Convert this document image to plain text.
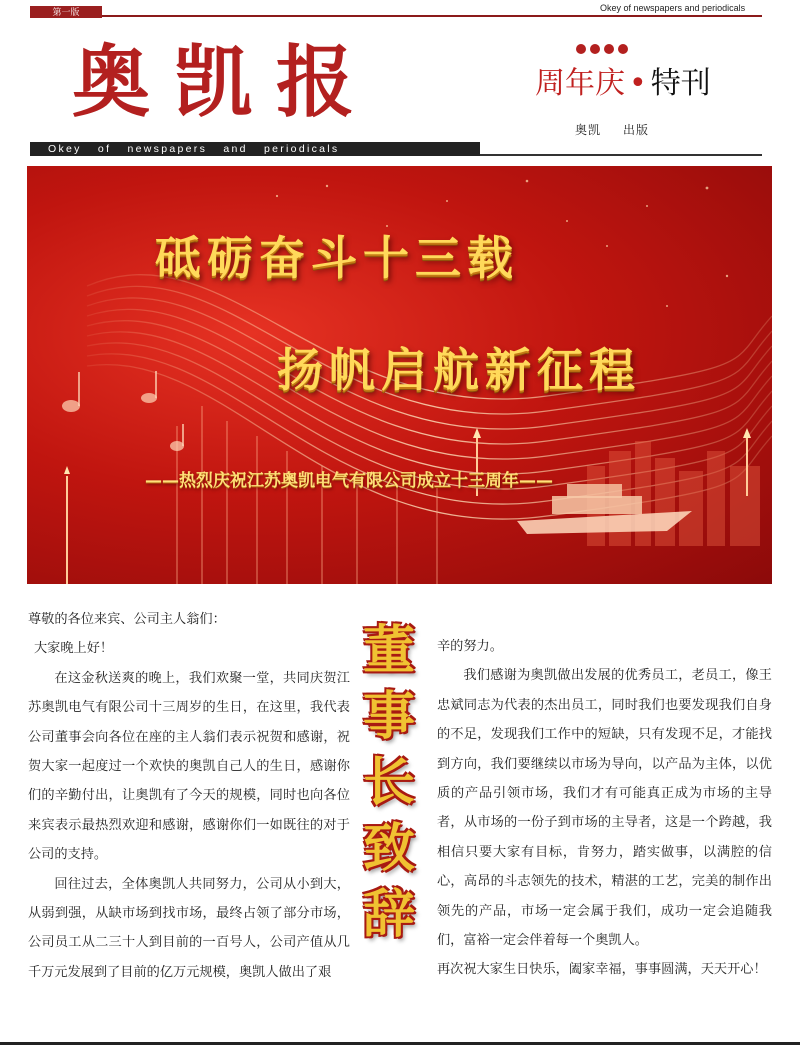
第一版	Okey of newspapers and periodicals
奥凯报	周年庆 • 特刊
奥凯 出版
Okey of newspapers and periodicals
砥砺奋斗十三载
扬帆启航新征程
——热烈庆祝江苏奥凯电气有限公司成立十三周年——

尊敬的各位来宾、公司主人翁们：

大家晚上好！

在这金秋送爽的晚上，我们欢聚一堂，共同庆贺江苏奥凯电气有限公司十三周岁的生日，在这里，我代表公司董事会向各位在座的主人翁们表示祝贺和感谢，祝贺大家一起度过一个欢快的奥凯自己人的生日，感谢你们的辛勤付出，让奥凯有了今天的规模，同时也向各位来宾表示最热烈欢迎和感谢，感谢你们一如既往的对于公司的支持。

回往过去，全体奥凯人共同努力，公司从小到大，从弱到强，从缺市场到找市场，最终占领了部分市场，公司员工从二三十人到目前的一百号人，公司产值从几千万元发展到了目前的亿万元规模，奥凯人做出了艰

董
事
长
致
辞

辛的努力。

我们感谢为奥凯做出发展的优秀员工，老员工，像王忠斌同志为代表的杰出员工，同时我们也要发现我们自身的不足，发现我们工作中的短缺，只有发现不足，才能找到方向，我们要继续以市场为导向，以产品为主体，以优质的产品引领市场，我们才有可能真正成为市场的主导者，从市场的一份子到市场的主导者，这是一个跨越，我相信只要大家有目标，肯努力，踏实做事，以满腔的信心，高昂的斗志领先的技术，精湛的工艺，完美的制作出领先的产品，市场一定会属于我们，成功一定会追随我们，富裕一定会伴着每一个奥凯人。

再次祝大家生日快乐，阖家幸福，事事圆满，天天开心！
